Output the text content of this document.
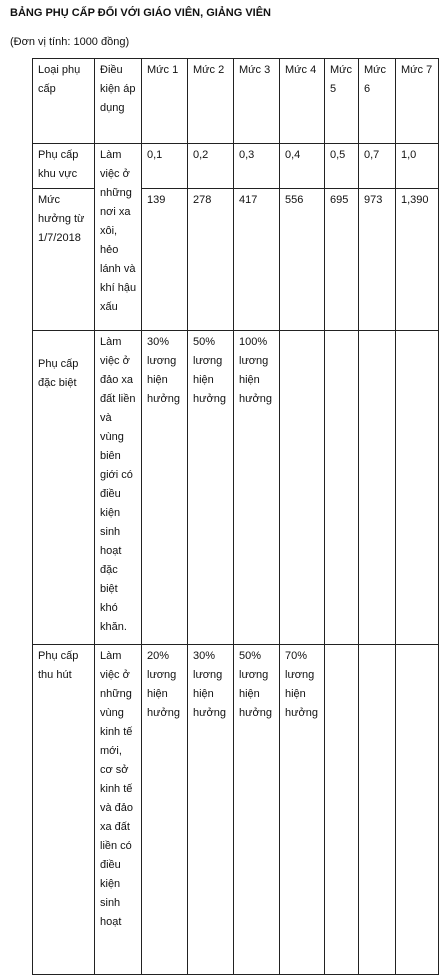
BẢNG PHỤ CẤP ĐỐI VỚI GIÁO VIÊN, GIẢNG VIÊN
(Đơn vị tính: 1000 đồng)
Loại phụ cấp	Điều kiện áp dụng	Mức 1	Mức 2	Mức 3	Mức 4	Mức 5	Mức 6	Mức 7
Phụ cấp khu vực	Làm việc ở những nơi xa xôi, hẻo lánh và khí hậu xấu	0,1	0,2	0,3	0,4	0,5	0,7	1,0
Mức hưởng từ 1/7/2018		139	278	417	556	695	973	1,390
Phụ cấp đặc biệt	Làm việc ở đảo xa đất liền và vùng biên giới có điều kiện sinh hoạt đặc biệt khó khăn.	30% lương hiện hưởng	50% lương hiện hưởng	100% lương hiện hưởng				
Phụ cấp thu hút	Làm việc ở những vùng kinh tế mới, cơ sở kinh tế và đảo xa đất liền có điều kiện sinh hoạt	20% lương hiện hưởng	30% lương hiện hưởng	50% lương hiện hưởng	70% lương hiện hưởng			
